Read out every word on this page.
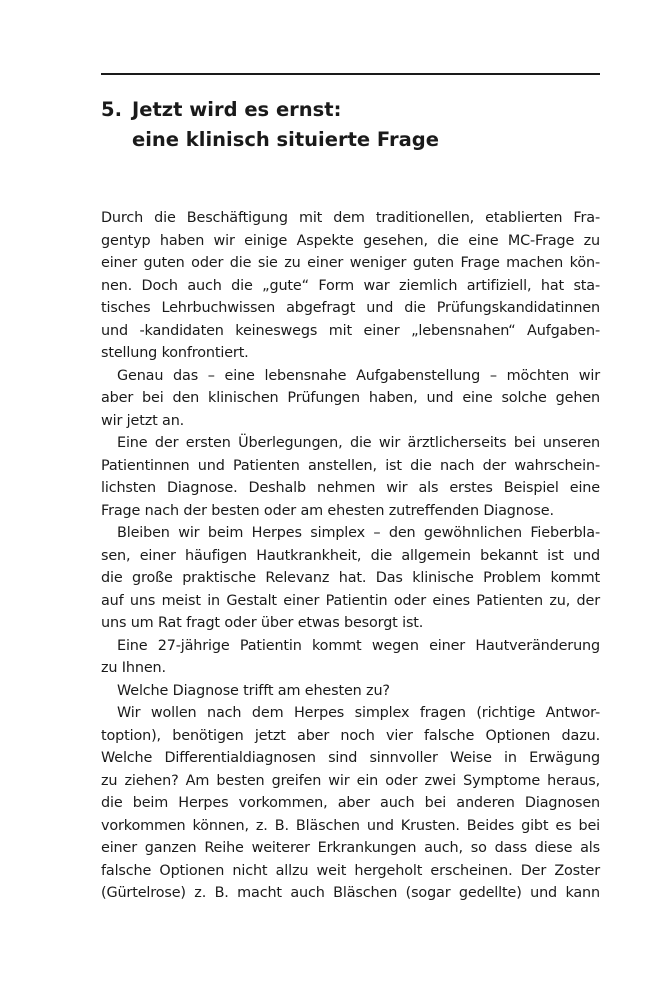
5. Jetzt wird es ernst:
eine klinisch situierte Frage
Durch die Beschäftigung mit dem traditionellen, etablierten Fra-
gentyp haben wir einige Aspekte gesehen, die eine MC-Frage zu
einer guten oder die sie zu einer weniger guten Frage machen kön-
nen. Doch auch die „gute“ Form war ziemlich artifiziell, hat sta-
tisches Lehrbuchwissen abgefragt und die Prüfungskandidatinnen
und -kandidaten keineswegs mit einer „lebensnahen“ Aufgaben-
stellung konfrontiert.
Genau das – eine lebensnahe Aufgabenstellung – möchten wir
aber bei den klinischen Prüfungen haben, und eine solche gehen
wir jetzt an.
Eine der ersten Überlegungen, die wir ärztlicherseits bei unseren
Patientinnen und Patienten anstellen, ist die nach der wahrschein-
lichsten Diagnose. Deshalb nehmen wir als erstes Beispiel eine
Frage nach der besten oder am ehesten zutreffenden Diagnose.
Bleiben wir beim Herpes simplex – den gewöhnlichen Fieberbla-
sen, einer häufigen Hautkrankheit, die allgemein bekannt ist und
die große praktische Relevanz hat. Das klinische Problem kommt
auf uns meist in Gestalt einer Patientin oder eines Patienten zu, der
uns um Rat fragt oder über etwas besorgt ist.
Eine 27-jährige Patientin kommt wegen einer Hautveränderung
zu Ihnen.
Welche Diagnose trifft am ehesten zu?
Wir wollen nach dem Herpes simplex fragen (richtige Antwor-
toption), benötigen jetzt aber noch vier falsche Optionen dazu.
Welche Differentialdiagnosen sind sinnvoller Weise in Erwägung
zu ziehen? Am besten greifen wir ein oder zwei Symptome heraus,
die beim Herpes vorkommen, aber auch bei anderen Diagnosen
vorkommen können, z. B. Bläschen und Krusten. Beides gibt es bei
einer ganzen Reihe weiterer Erkrankungen auch, so dass diese als
falsche Optionen nicht allzu weit hergeholt erscheinen. Der Zoster
(Gürtelrose) z. B. macht auch Bläschen (sogar gedellte) und kann
